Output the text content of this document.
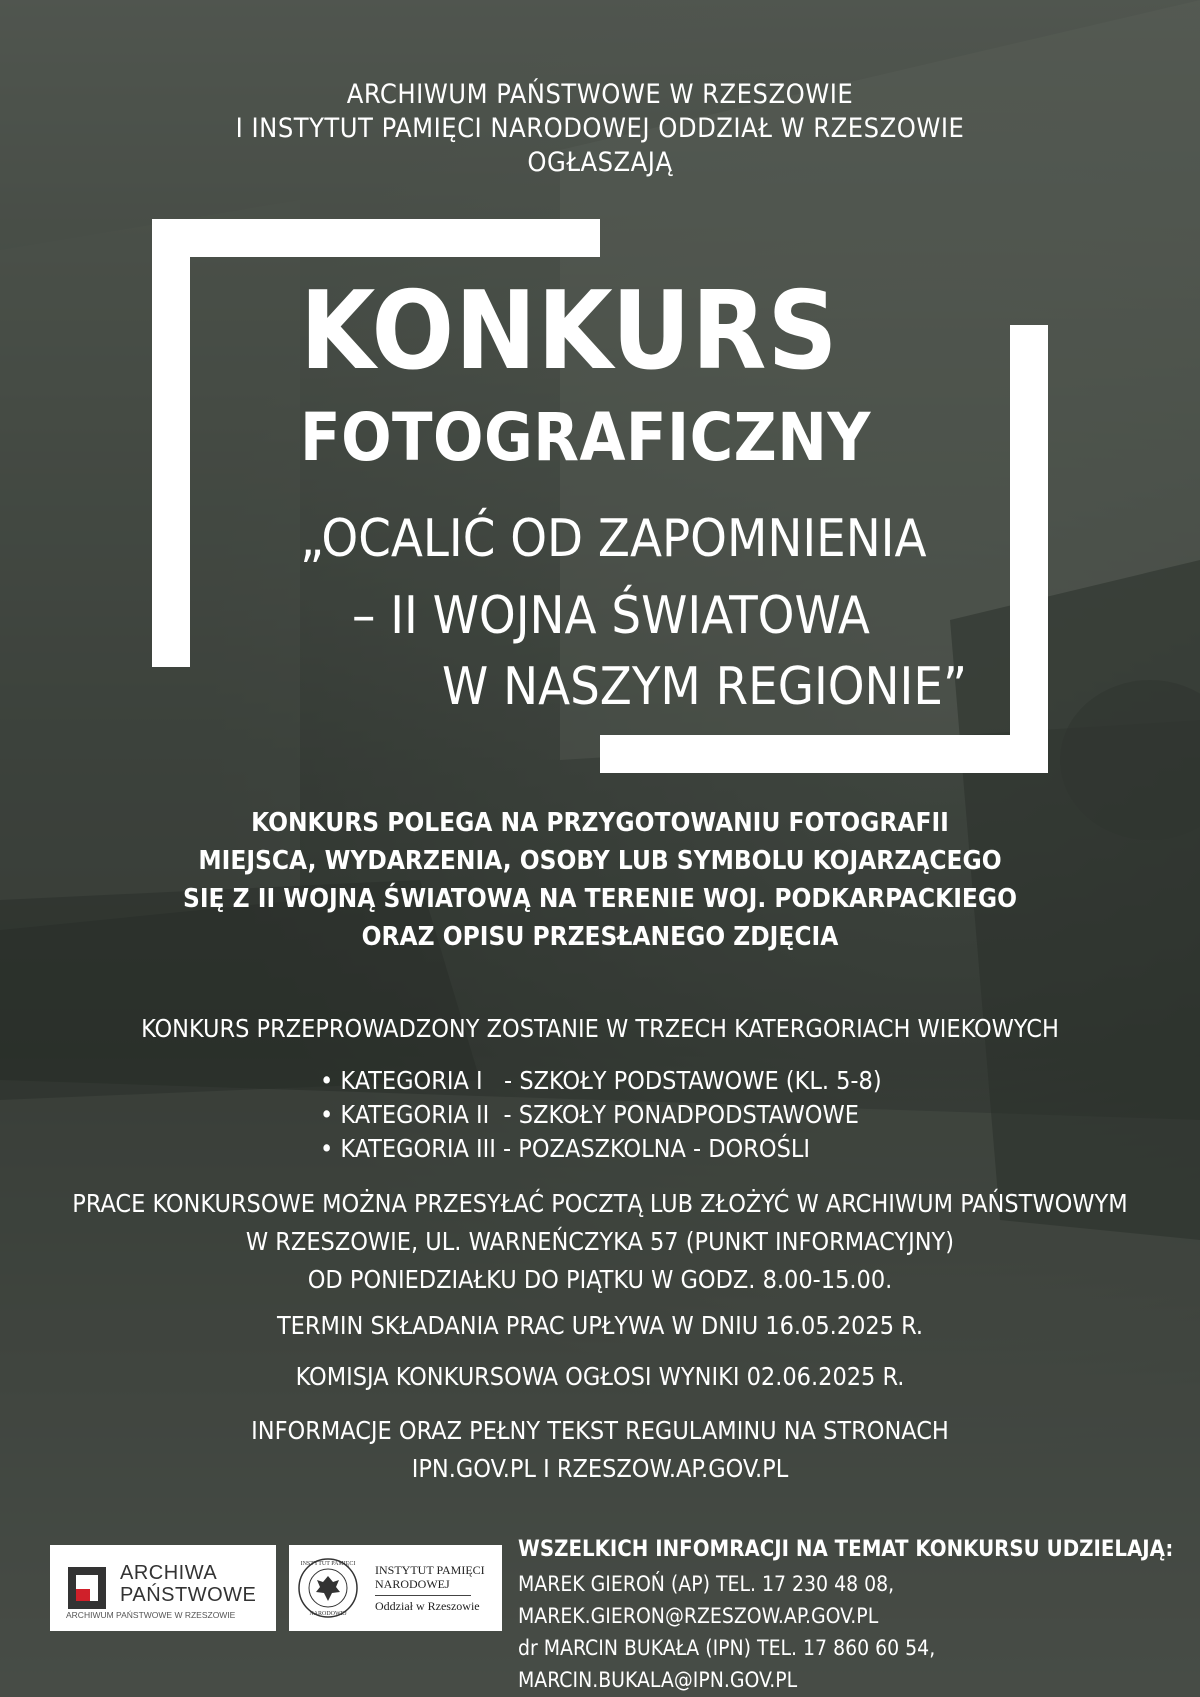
ARCHIWUM PAŃSTWOWE W RZESZOWIE
I INSTYTUT PAMIĘCI NARODOWEJ ODDZIAŁ W RZESZOWIE
OGŁASZAJĄ
KONKURS
FOTOGRAFICZNY
„OCALIĆ OD ZAPOMNIENIA
– II WOJNA ŚWIATOWA
W NASZYM REGIONIE”
KONKURS POLEGA NA PRZYGOTOWANIU FOTOGRAFII
MIEJSCA, WYDARZENIA, OSOBY LUB SYMBOLU KOJARZĄCEGO
SIĘ Z II WOJNĄ ŚWIATOWĄ NA TERENIE WOJ. PODKARPACKIEGO
ORAZ OPISU PRZESŁANEGO ZDJĘCIA
KONKURS PRZEPROWADZONY ZOSTANIE W TRZECH KATERGORIACH WIEKOWYCH
• KATEGORIA I   - SZKOŁY PODSTAWOWE (KL. 5-8)
• KATEGORIA II  - SZKOŁY PONADPODSTAWOWE
• KATEGORIA III - POZASZKOLNA - DOROŚLI
PRACE KONKURSOWE MOŻNA PRZESYŁAĆ POCZTĄ LUB ZŁOŻYĆ W ARCHIWUM PAŃSTWOWYM
W RZESZOWIE, UL. WARNEŃCZYKA 57 (PUNKT INFORMACYJNY)
OD PONIEDZIAŁKU DO PIĄTKU W GODZ. 8.00-15.00.
TERMIN SKŁADANIA PRAC UPŁYWA W DNIU 16.05.2025 R.
KOMISJA KONKURSOWA OGŁOSI WYNIKI 02.06.2025 R.
INFORMACJE ORAZ PEŁNY TEKST REGULAMINU NA STRONACH
IPN.GOV.PL I RZESZOW.AP.GOV.PL
ARCHIWA
PAŃSTWOWE
ARCHIWUM PAŃSTWOWE W RZESZOWIE
INSTYTUT PAMIĘCI
NARODOWEJ
INSTYTUT PAMIĘCI
NARODOWEJ
Oddział w Rzeszowie
WSZELKICH INFOMRACJI NA TEMAT KONKURSU UDZIELAJĄ:
MAREK GIEROŃ (AP) TEL. 17 230 48 08, MAREK.GIERON@RZESZOW.AP.GOV.PL
dr MARCIN BUKAŁA (IPN) TEL. 17 860 60 54, MARCIN.BUKALA@IPN.GOV.PL
